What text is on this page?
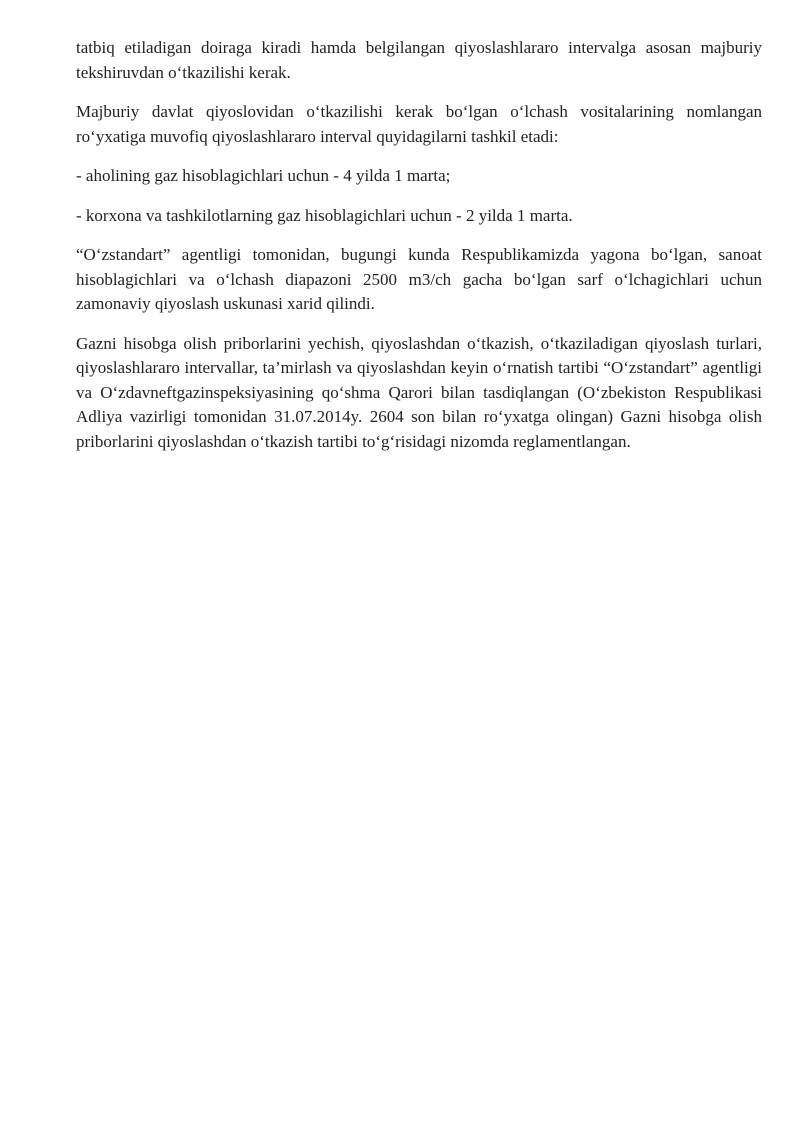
tatbiq etiladigan doiraga kiradi hamda belgilangan qiyoslashlararo intervalga asosan majburiy tekshiruvdan o‘tkazilishi kerak.

Majburiy davlat qiyoslovidan o‘tkazilishi kerak bo‘lgan o‘lchash vositalarining nomlangan ro‘yxatiga muvofiq qiyoslashlararo interval quyidagilarni tashkil etadi:

- aholining gaz hisoblagichlari uchun - 4 yilda 1 marta;

- korxona va tashkilotlarning gaz hisoblagichlari uchun - 2 yilda 1 marta.

“O‘zstandart” agentligi tomonidan, bugungi kunda Respublikamizda yagona bo‘lgan, sanoat hisoblagichlari va o‘lchash diapazoni 2500 m3/ch gacha bo‘lgan sarf o‘lchagichlari uchun zamonaviy qiyoslash uskunasi xarid qilindi.

Gazni hisobga olish priborlarini yechish, qiyoslashdan o‘tkazish, o‘tkaziladigan qiyoslash turlari, qiyoslashlararo intervallar, ta’mirlash va qiyoslashdan keyin o‘rnatish tartibi “O‘zstandart” agentligi va O‘zdavneftgazinspeksiyasining qo‘shma Qarori bilan tasdiqlangan (O‘zbekiston Respublikasi Adliya vazirligi tomonidan 31.07.2014y. 2604 son bilan ro‘yxatga olingan) Gazni hisobga olish priborlarini qiyoslashdan o‘tkazish tartibi to‘g‘risidagi nizomda reglamentlangan.
